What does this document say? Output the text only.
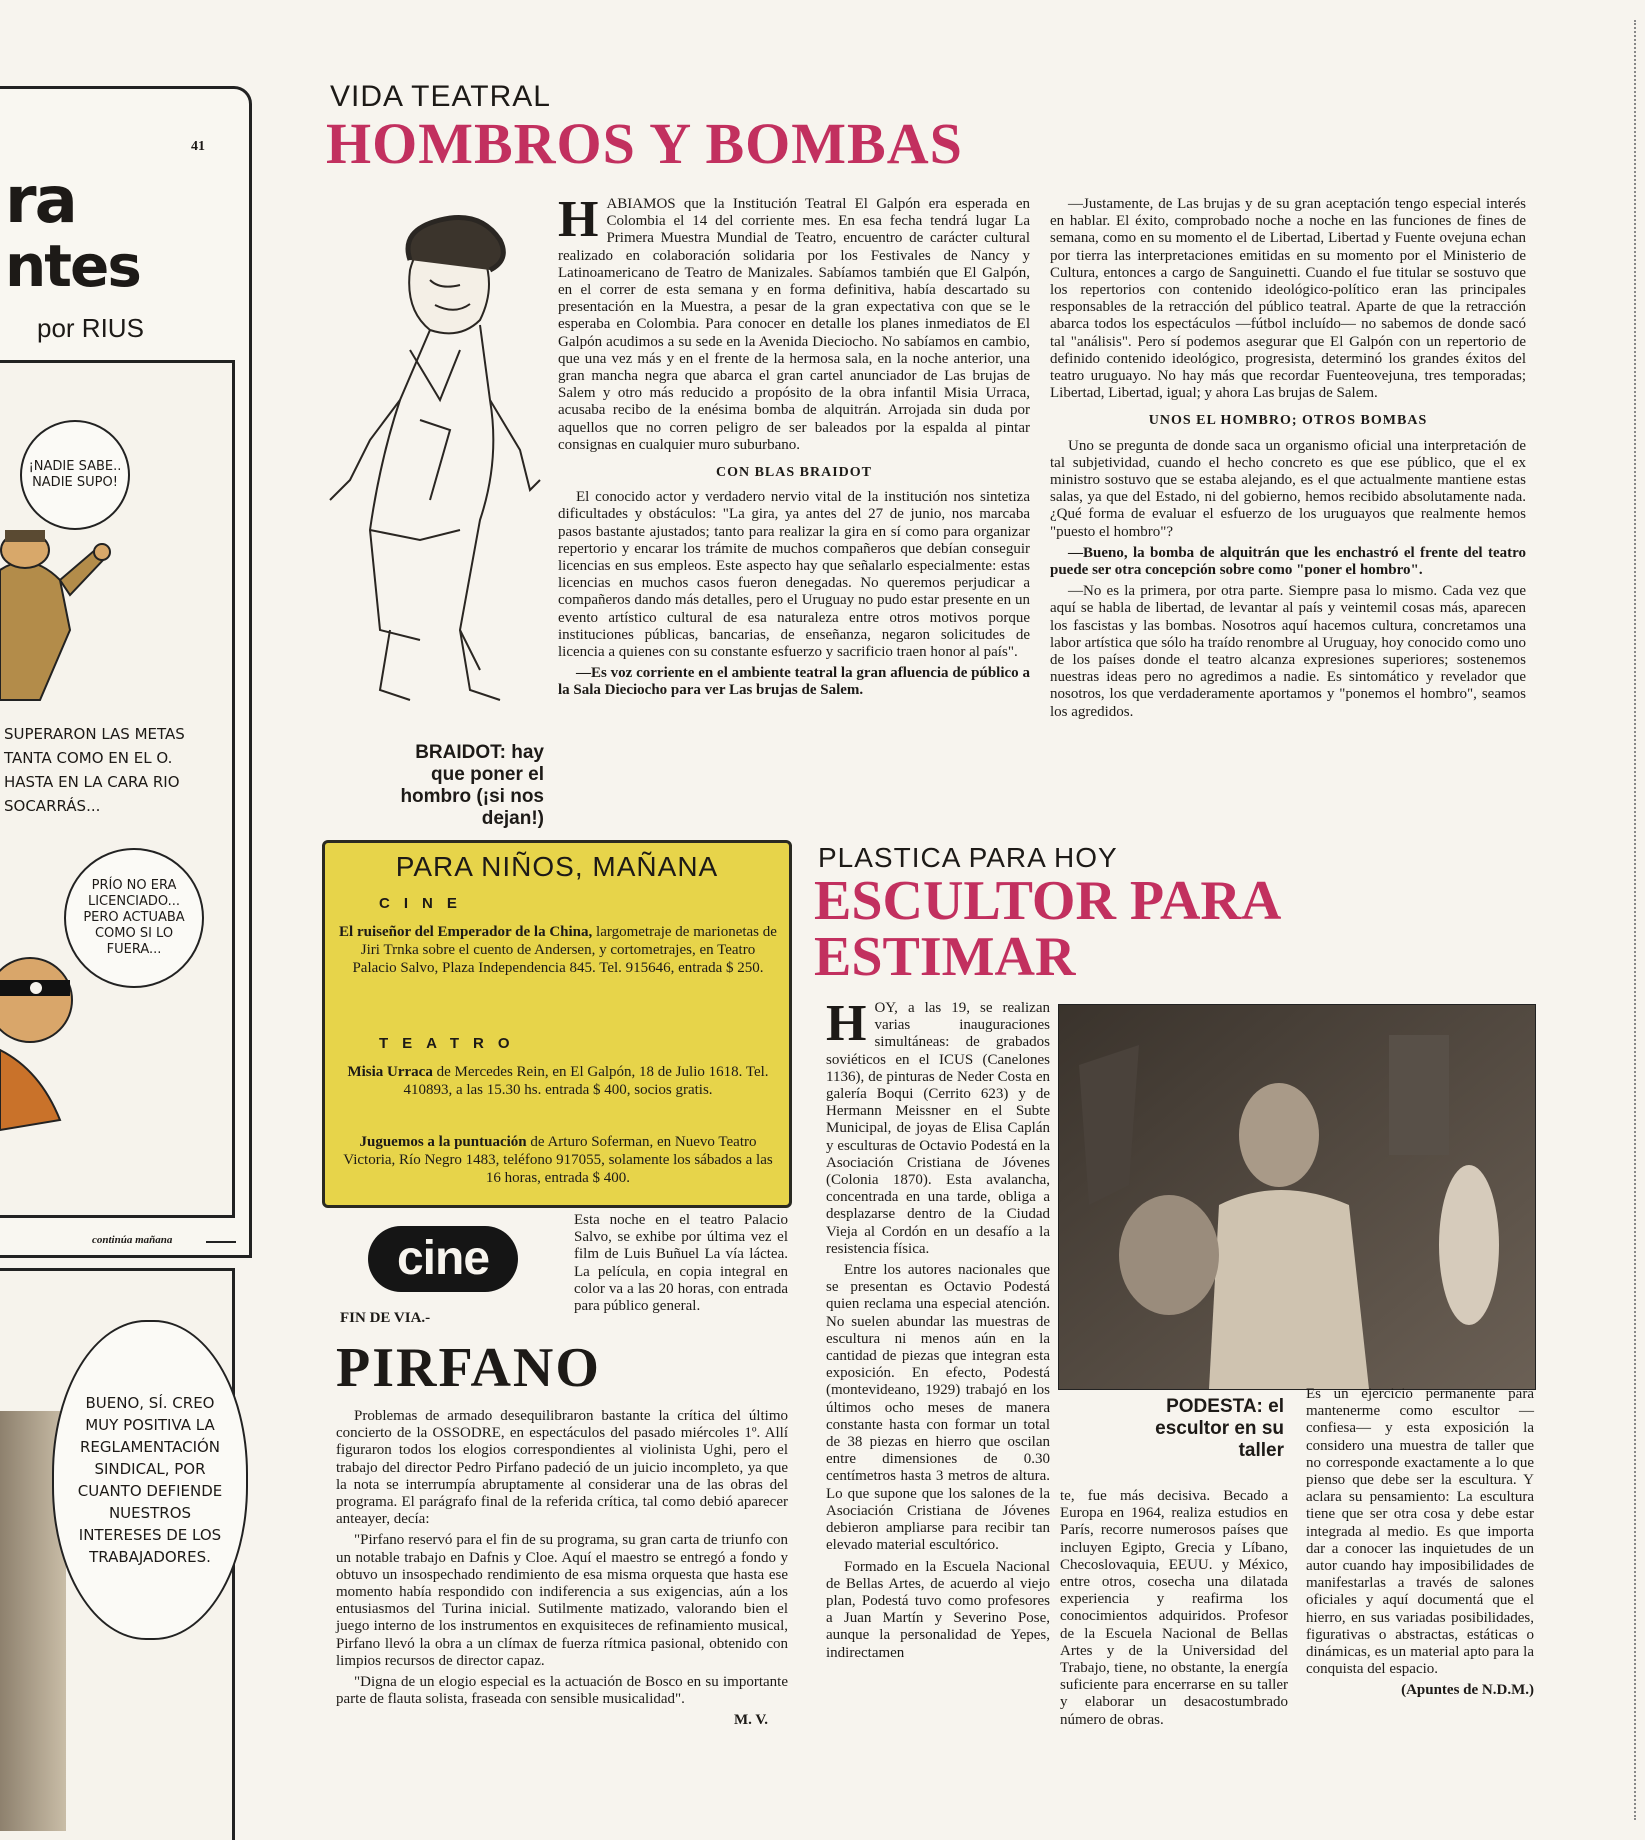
41
ra
ntes
por RIUS
¡NADIE SABE.. NADIE SUPO!
SUPERARON LAS METAS TANTA COMO EN EL O. HASTA EN LA CARA RIO SOCARRÁS...
PRÍO NO ERA LICENCIADO... PERO ACTUABA COMO SI LO FUERA...
continúa mañana
BUENO, SÍ. CREO MUY POSITIVA LA REGLAMENTACIÓN SINDICAL, POR CUANTO DEFIENDE NUESTROS INTERESES DE LOS TRABAJADORES.
VIDA TEATRAL
HOMBROS Y BOMBAS
BRAIDOT: hay que poner el hombro (¡si nos dejan!)

HABIAMOS que la Institución Teatral El Galpón era esperada en Colombia el 14 del corriente mes. En esa fecha tendrá lugar La Primera Muestra Mundial de Teatro, encuentro de carácter cultural realizado en colaboración solidaria por los Festivales de Nancy y Latinoamericano de Teatro de Manizales. Sabíamos también que El Galpón, en el correr de esta semana y en forma definitiva, había descartado su presentación en la Muestra, a pesar de la gran expectativa con que se le esperaba en Colombia. Para conocer en detalle los planes inmediatos de El Galpón acudimos a su sede en la Avenida Dieciocho. No sabíamos en cambio, que una vez más y en el frente de la hermosa sala, en la noche anterior, una gran mancha negra que abarca el gran cartel anunciador de Las brujas de Salem y otro más reducido a propósito de la obra infantil Misia Urraca, acusaba recibo de la enésima bomba de alquitrán. Arrojada sin duda por aquellos que no corren peligro de ser baleados por la espalda al pintar consignas en cualquier muro suburbano.

CON BLAS BRAIDOT

El conocido actor y verdadero nervio vital de la institución nos sintetiza dificultades y obstáculos: "La gira, ya antes del 27 de junio, nos marcaba pasos bastante ajustados; tanto para realizar la gira en sí como para organizar repertorio y encarar los trámite de muchos compañeros que debían conseguir licencias en sus empleos. Este aspecto hay que señalarlo especialmente: estas licencias en muchos casos fueron denegadas. No queremos perjudicar a compañeros dando más detalles, pero el Uruguay no pudo estar presente en un evento artístico cultural de esa naturaleza entre otros motivos porque instituciones públicas, bancarias, de enseñanza, negaron solicitudes de licencia a quienes con su constante esfuerzo y sacrificio traen honor al país".

—Es voz corriente en el ambiente teatral la gran afluencia de público a la Sala Dieciocho para ver Las brujas de Salem.

—Justamente, de Las brujas y de su gran aceptación tengo especial interés en hablar. El éxito, comprobado noche a noche en las funciones de fines de semana, como en su momento el de Libertad, Libertad y Fuente ovejuna echan por tierra las interpretaciones emitidas en su momento por el Ministerio de Cultura, entonces a cargo de Sanguinetti. Cuando el fue titular se sostuvo que los repertorios con contenido ideológico-político eran las principales responsables de la retracción del público teatral. Aparte de que la retracción abarca todos los espectáculos —fútbol incluído— no sabemos de donde sacó tal "análisis". Pero sí podemos asegurar que El Galpón con un repertorio de definido contenido ideológico, progresista, determinó los grandes éxitos del teatro uruguayo. No hay más que recordar Fuenteovejuna, tres temporadas; Libertad, Libertad, igual; y ahora Las brujas de Salem.

UNOS EL HOMBRO; OTROS BOMBAS

Uno se pregunta de donde saca un organismo oficial una interpretación de tal subjetividad, cuando el hecho concreto es que ese público, que el ex ministro sostuvo que se estaba alejando, es el que actualmente mantiene estas salas, ya que del Estado, ni del gobierno, hemos recibido absolutamente nada. ¿Qué forma de evaluar el esfuerzo de los uruguayos que realmente hemos "puesto el hombro"?

—Bueno, la bomba de alquitrán que les enchastró el frente del teatro puede ser otra concepción sobre como "poner el hombro".

—No es la primera, por otra parte. Siempre pasa lo mismo. Cada vez que aquí se habla de libertad, de levantar al país y veintemil cosas más, aparecen los fascistas y las bombas. Nosotros aquí hacemos cultura, concretamos una labor artística que sólo ha traído renombre al Uruguay, hoy conocido como uno de los países donde el teatro alcanza expresiones superiores; sostenemos nuestras ideas pero no agredimos a nadie. Es sintomático y revelador que nosotros, los que verdaderamente aportamos y "ponemos el hombro", seamos los agredidos.

PARA NIÑOS, MAÑANA
CINE
El ruiseñor del Emperador de la China, largometraje de marionetas de Jiri Trnka sobre el cuento de Andersen, y cortometrajes, en Teatro Palacio Salvo, Plaza Independencia 845. Tel. 915646, entrada $ 250.
TEATRO
Misia Urraca de Mercedes Rein, en El Galpón, 18 de Julio 1618. Tel. 410893, a las 15.30 hs. entrada $ 400, socios gratis.
Juguemos a la puntuación de Arturo Soferman, en Nuevo Teatro Victoria, Río Negro 1483, teléfono 917055, solamente los sábados a las 16 horas, entrada $ 400.
cine
FIN DE VIA.-
Esta noche en el teatro Palacio Salvo, se exhibe por última vez el film de Luis Buñuel La vía láctea. La película, en copia integral en color va a las 20 horas, con entrada para público general.
PIRFANO

Problemas de armado desequilibraron bastante la crítica del último concierto de la OSSODRE, en espectáculos del pasado miércoles 1º. Allí figuraron todos los elogios correspondientes al violinista Ughi, pero el trabajo del director Pedro Pirfano padeció de un juicio incompleto, ya que la nota se interrumpía abruptamente al considerar una de las obras del programa. El parágrafo final de la referida crítica, tal como debió aparecer anteayer, decía:

"Pirfano reservó para el fin de su programa, su gran carta de triunfo con un notable trabajo en Dafnis y Cloe. Aquí el maestro se entregó a fondo y obtuvo un insospechado rendimiento de esa misma orquesta que hasta ese momento había respondido con indiferencia a sus exigencias, aún a los entusiasmos del Turina inicial. Sutilmente matizado, valorando bien el juego interno de los instrumentos en exquisiteces de refinamiento musical, Pirfano llevó la obra a un clímax de fuerza rítmica pasional, obtenido con limpios recursos de director capaz.

"Digna de un elogio especial es la actuación de Bosco en su importante parte de flauta solista, fraseada con sensible musicalidad".

M. V.
PLASTICA PARA HOY
ESCULTOR PARA
ESTIMAR

HOY, a las 19, se realizan varias inauguraciones simultáneas: de grabados soviéticos en el ICUS (Canelones 1136), de pinturas de Neder Costa en galería Boqui (Cerrito 623) y de Hermann Meissner en el Subte Municipal, de joyas de Elisa Caplán y esculturas de Octavio Podestá en la Asociación Cristiana de Jóvenes (Colonia 1870). Esta avalancha, concentrada en una tarde, obliga a desplazarse dentro de la Ciudad Vieja al Cordón en un desafío a la resistencia física.

Entre los autores nacionales que se presentan es Octavio Podestá quien reclama una especial atención. No suelen abundar las muestras de escultura ni menos aún en la cantidad de piezas que integran esta exposición. En efecto, Podestá (montevideano, 1929) trabajó en los últimos ocho meses de manera constante hasta con formar un total de 38 piezas en hierro que oscilan entre dimensiones de 0.30 centímetros hasta 3 metros de altura. Lo que supone que los salones de la Asociación Cristiana de Jóvenes debieron ampliarse para recibir tan elevado material escultórico.

Formado en la Escuela Nacional de Bellas Artes, de acuerdo al viejo plan, Podestá tuvo como profesores a Juan Martín y Severino Pose, aunque la personalidad de Yepes, indirectamen

PODESTA: el escultor en su taller

te, fue más decisiva. Becado a Europa en 1964, realiza estudios en París, recorre numerosos países que incluyen Egipto, Grecia y Líbano, Checoslovaquia, EEUU. y México, entre otros, cosecha una dilatada experiencia y reafirma los conocimientos adquiridos. Profesor de la Escuela Nacional de Bellas Artes y de la Universidad del Trabajo, tiene, no obstante, la energía suficiente para encerrarse en su taller y elaborar un desacostumbrado número de obras.

Es un ejercicio permanente para mantenerme como escultor —confiesa— y esta exposición la considero una muestra de taller que no corresponde exactamente a lo que pienso que debe ser la escultura. Y aclara su pensamiento: La escultura tiene que ser otra cosa y debe estar integrada al medio. Es que importa dar a conocer las inquietudes de un autor cuando hay imposibilidades de manifestarlas a través de salones oficiales y aquí documentá que el hierro, en sus variadas posibilidades, figurativas o abstractas, estáticas o dinámicas, es un material apto para la conquista del espacio.

(Apuntes de N.D.M.)
